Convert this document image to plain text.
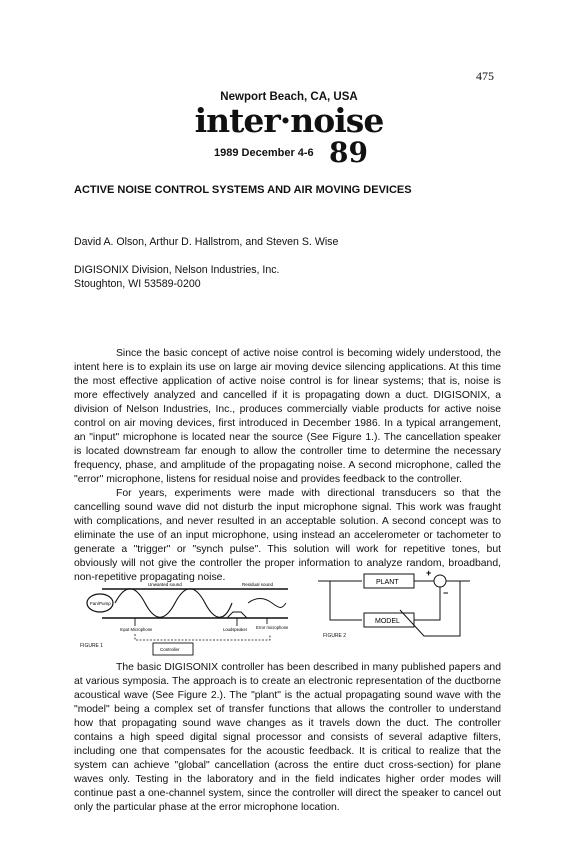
475
Newport Beach, CA, USA
inter·noise
1989 December 4-6 89
ACTIVE NOISE CONTROL SYSTEMS AND AIR MOVING DEVICES
David A. Olson, Arthur D. Hallstrom, and Steven S. Wise
DIGISONIX Division, Nelson Industries, Inc.
Stoughton, WI 53589-0200

Since the basic concept of active noise control is becoming widely understood, the intent here is to explain its use on large air moving device silencing applications. At this time the most effective application of active noise control is for linear systems; that is, noise is more effectively analyzed and cancelled if it is propagating down a duct. DIGISONIX, a division of Nelson Industries, Inc., produces commercially viable products for active noise control on air moving devices, first introduced in December 1986. In a typical arrangement, an "input" microphone is located near the source (See Figure 1.). The cancellation speaker is located downstream far enough to allow the controller time to determine the necessary frequency, phase, and amplitude of the propagating noise. A second microphone, called the "error" microphone, listens for residual noise and provides feedback to the controller.

For years, experiments were made with directional transducers so that the cancelling sound wave did not disturb the input microphone signal. This work was fraught with complications, and never resulted in an acceptable solution. A second concept was to eliminate the use of an input microphone, using instead an accelerometer or tachometer to generate a "trigger" or "synch pulse". This solution will work for repetitive tones, but obviously will not give the controller the proper information to analyze random, broadband, non-repetitive propagating noise.

Fan/Pump
Unwanted sound	Residual sound
Input Microphone	Loudspeaker Error microphone
Controller
FIGURE 1
PLANT
+
−
MODEL
FIGURE 2

The basic DIGISONIX controller has been described in many published papers and at various symposia. The approach is to create an electronic representation of the ductborne acoustical wave (See Figure 2.). The "plant" is the actual propagating sound wave with the "model" being a complex set of transfer functions that allows the controller to understand how that propagating sound wave changes as it travels down the duct. The controller contains a high speed digital signal processor and consists of several adaptive filters, including one that compensates for the acoustic feedback. It is critical to realize that the system can achieve "global" cancellation (across the entire duct cross-section) for plane waves only. Testing in the laboratory and in the field indicates higher order modes will continue past a one-channel system, since the controller will direct the speaker to cancel out only the particular phase at the error microphone location.
